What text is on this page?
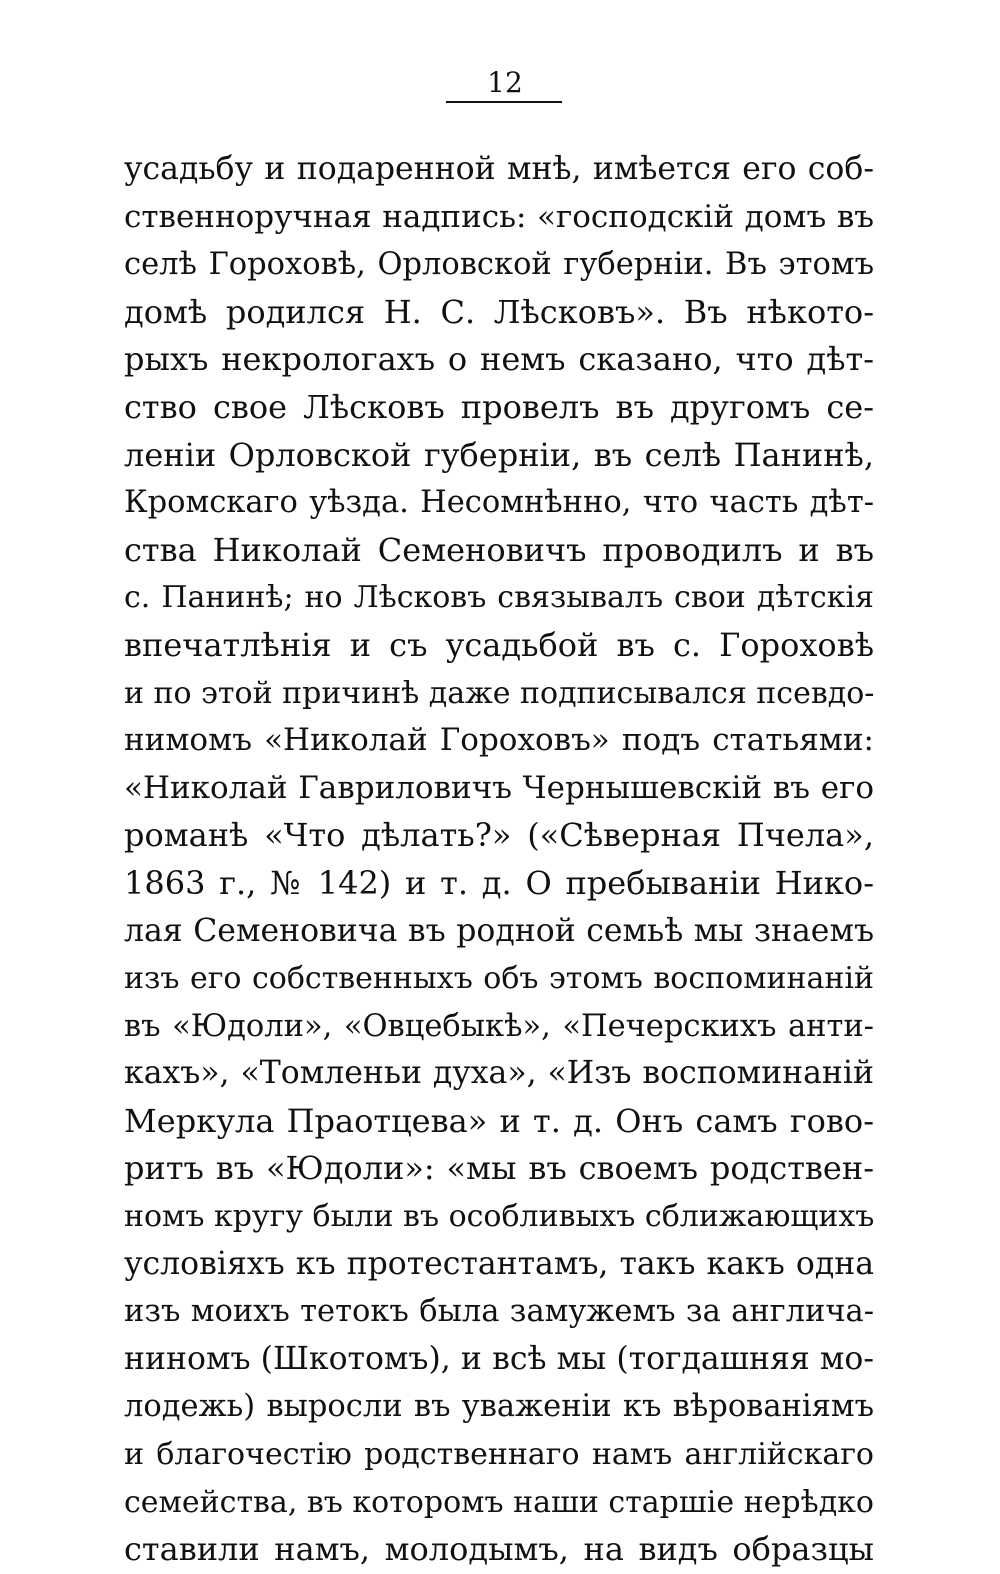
12
усадьбу и подаренной мнѣ, имѣется его соб-
ственноручная надпись: «господскій домъ въ
селѣ Гороховѣ, Орловской губерніи. Въ этомъ
домѣ родился Н. С. Лѣсковъ». Въ нѣкото-
рыхъ некрологахъ о немъ сказано, что дѣт-
ство свое Лѣсковъ провелъ въ другомъ се-
леніи Орловской губерніи, въ селѣ Панинѣ,
Кромскаго уѣзда. Несомнѣнно, что часть дѣт-
ства Николай Семеновичъ проводилъ и въ
с. Панинѣ; но Лѣсковъ связывалъ свои дѣтскія
впечатлѣнія и съ усадьбой въ с. Гороховѣ
и по этой причинѣ даже подписывался псевдо-
нимомъ «Николай Гороховъ» подъ статьями:
«Николай Гавриловичъ Чернышевскій въ его
романѣ «Что дѣлать?» («Сѣверная Пчела»,
1863 г., № 142) и т. д. О пребываніи Нико-
лая Семеновича въ родной семьѣ мы знаемъ
изъ его собственныхъ объ этомъ воспоминаній
въ «Юдоли», «Овцебыкѣ», «Печерскихъ анти-
кахъ», «Томленьи духа», «Изъ воспоминаній
Меркула Праотцева» и т. д. Онъ самъ гово-
ритъ въ «Юдоли»: «мы въ своемъ родствен-
номъ кругу были въ особливыхъ сближающихъ
условіяхъ къ протестантамъ, такъ какъ одна
изъ моихъ тетокъ была замужемъ за англича-
ниномъ (Шкотомъ), и всѣ мы (тогдашняя мо-
лодежь) выросли въ уваженіи къ вѣрованіямъ
и благочестію родственнаго намъ англійскаго
семейства, въ которомъ наши старшіе нерѣдко
ставили намъ, молодымъ, на видъ образцы
